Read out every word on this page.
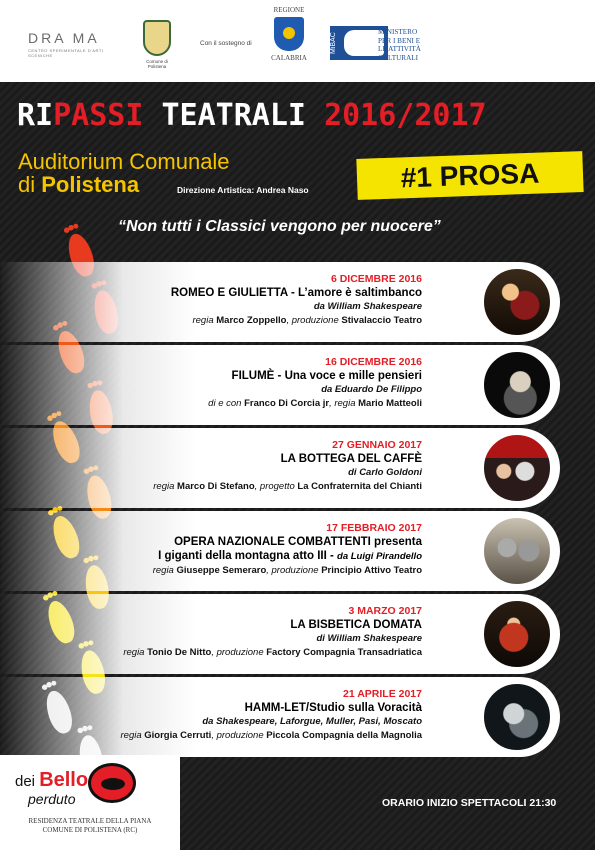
DRA MA
CENTRO SPERIMENTALE D'ARTI SCENICHE
Comune di Polistena
Con il sostegno di
REGIONE
CALABRIA
MiBAC
MINISTERO
PER I BENI E
LE ATTIVITÀ
CULTURALI
RIPASSI TEATRALI 2016/2017
Auditorium Comunale
di Polistena	Direzione Artistica: Andrea Naso	#1 PROSA
“Non tutti i Classici vengono per nuocere”
6 DICEMBRE 2016
ROMEO E GIULIETTA - L’amore è saltimbanco
da William Shakespeare
regia Marco Zoppello, produzione Stivalaccio Teatro
16 DICEMBRE 2016
FILUMÈ - Una voce e mille pensieri
da Eduardo De Filippo
di e con Franco Di Corcia jr, regia Mario Matteoli
27 GENNAIO 2017
LA BOTTEGA DEL CAFFÈ
di Carlo Goldoni
regia Marco Di Stefano, progetto La Confraternita del Chianti
17 FEBBRAIO 2017
OPERA NAZIONALE COMBATTENTI presenta
I giganti della montagna atto III - da Luigi Pirandello
regia Giuseppe Semeraro, produzione Principio Attivo Teatro
3 MARZO 2017
LA BISBETICA DOMATA
di William Shakespeare
regia Tonio De Nitto, produzione Factory Compagnia Transadriatica
21 APRILE 2017
HAMM-LET/Studio sulla Voracità
da Shakespeare, Laforgue, Muller, Pasi, Moscato
regia Giorgia Cerruti, produzione Piccola Compagnia della Magnolia
ORARIO INIZIO SPETTACOLI 21:30
dei Bello
perduto
RESIDENZA TEATRALE DELLA PIANA
COMUNE DI POLISTENA (RC)
